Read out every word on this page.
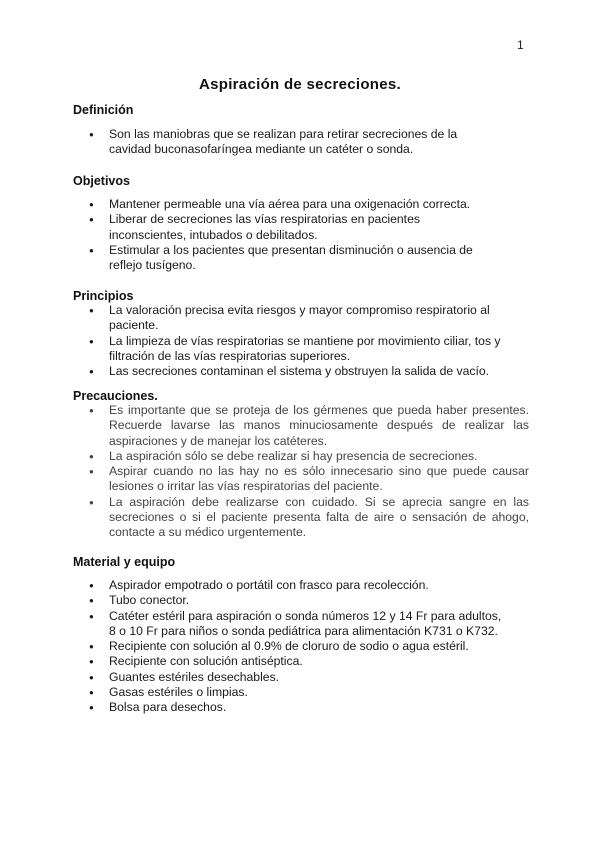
1
Aspiración de secreciones.

Definición

● Son las maniobras que se realizan para retirar secreciones de la cavidad buconasofaríngea mediante un catéter o sonda.

Objetivos

● Mantener permeable una vía aérea para una oxigenación correcta.
● Liberar de secreciones las vías respiratorias en pacientes inconscientes, intubados o debilitados.
● Estimular a los pacientes que presentan disminución o ausencia de reflejo tusígeno.

Principios

● La valoración precisa evita riesgos y mayor compromiso respiratorio al paciente.
● La limpieza de vías respiratorias se mantiene por movimiento ciliar, tos y filtración de las vías respiratorias superiores.
● Las secreciones contaminan el sistema y obstruyen la salida de vacío.

Precauciones.

● Es importante que se proteja de los gérmenes que pueda haber presentes. Recuerde lavarse las manos minuciosamente después de realizar las aspiraciones y de manejar los catéteres.
● La aspiración sólo se debe realizar si hay presencia de secreciones.
● Aspirar cuando no las hay no es sólo innecesario sino que puede causar lesiones o irritar las vías respiratorias del paciente.
● La aspiración debe realizarse con cuidado. Si se aprecia sangre en las secreciones o si el paciente presenta falta de aire o sensación de ahogo, contacte a su médico urgentemente.

Material y equipo

● Aspirador empotrado o portátil con frasco para recolección.
● Tubo conector.
● Catéter estéril para aspiración o sonda números 12 y 14 Fr para adultos, 8 o 10 Fr para niños o sonda pediátrica para alimentación K731 o K732.
● Recipiente con solución al 0.9% de cloruro de sodio o agua estéril.
● Recipiente con solución antiséptica.
● Guantes estériles desechables.
● Gasas estériles o limpias.
● Bolsa para desechos.
